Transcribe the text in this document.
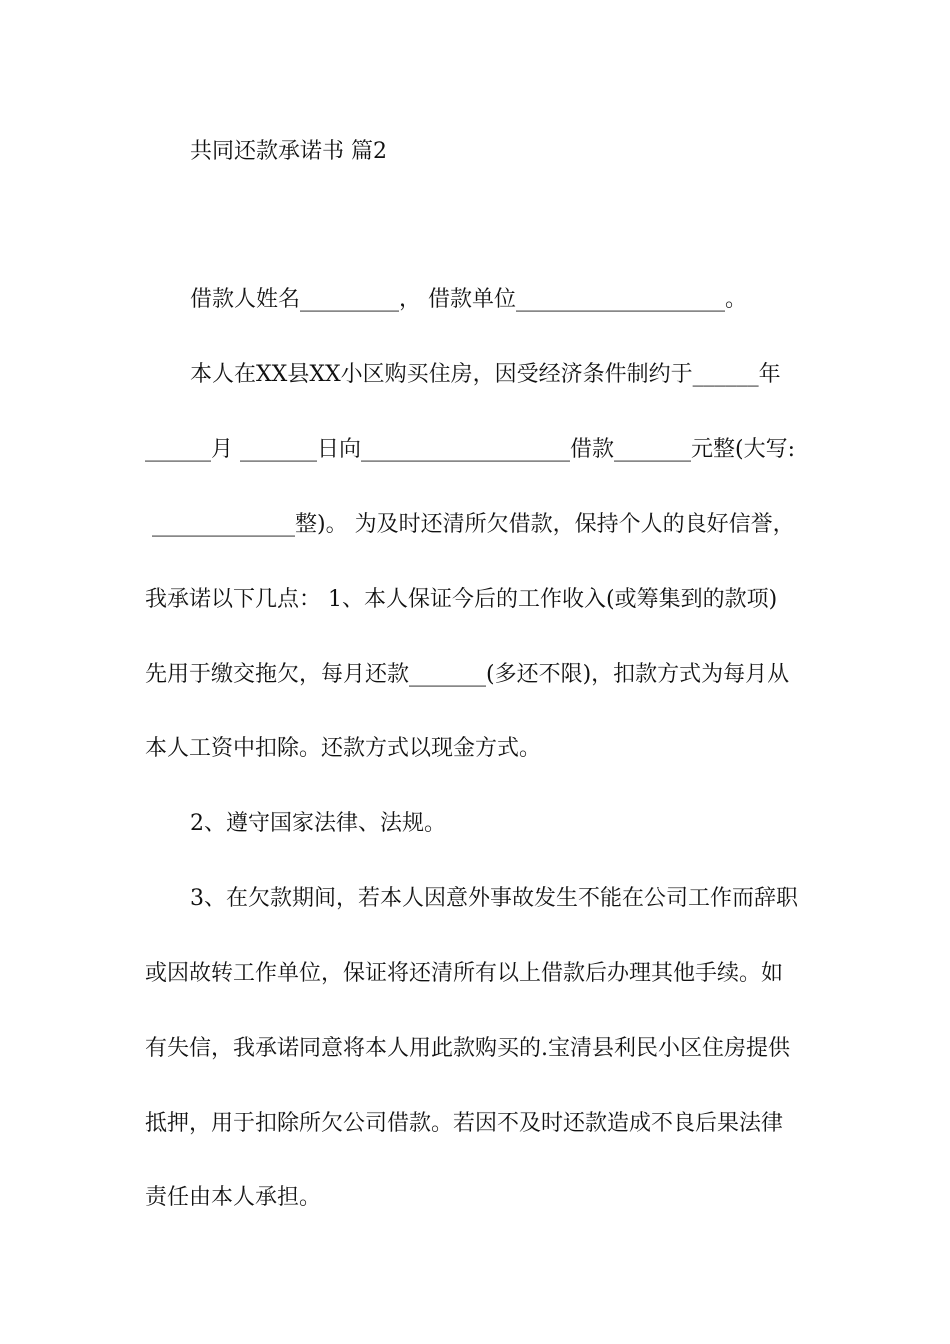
共同还款承诺书 篇2

借款人姓名_________， 借款单位___________________。

本人在XX县XX小区购买住房，因受经济条件制约于______年

______月 _______日向___________________借款_______元整(大写:

_____________整)。 为及时还清所欠借款，保持个人的良好信誉，

我承诺以下几点： 1、本人保证今后的工作收入(或筹集到的款项)

先用于缴交拖欠，每月还款_______(多还不限)，扣款方式为每月从

本人工资中扣除。还款方式以现金方式。

2、遵守国家法律、法规。

3、在欠款期间，若本人因意外事故发生不能在公司工作而辞职

或因故转工作单位，保证将还清所有以上借款后办理其他手续。如

有失信，我承诺同意将本人用此款购买的.宝清县利民小区住房提供

抵押，用于扣除所欠公司借款。若因不及时还款造成不良后果法律

责任由本人承担。
